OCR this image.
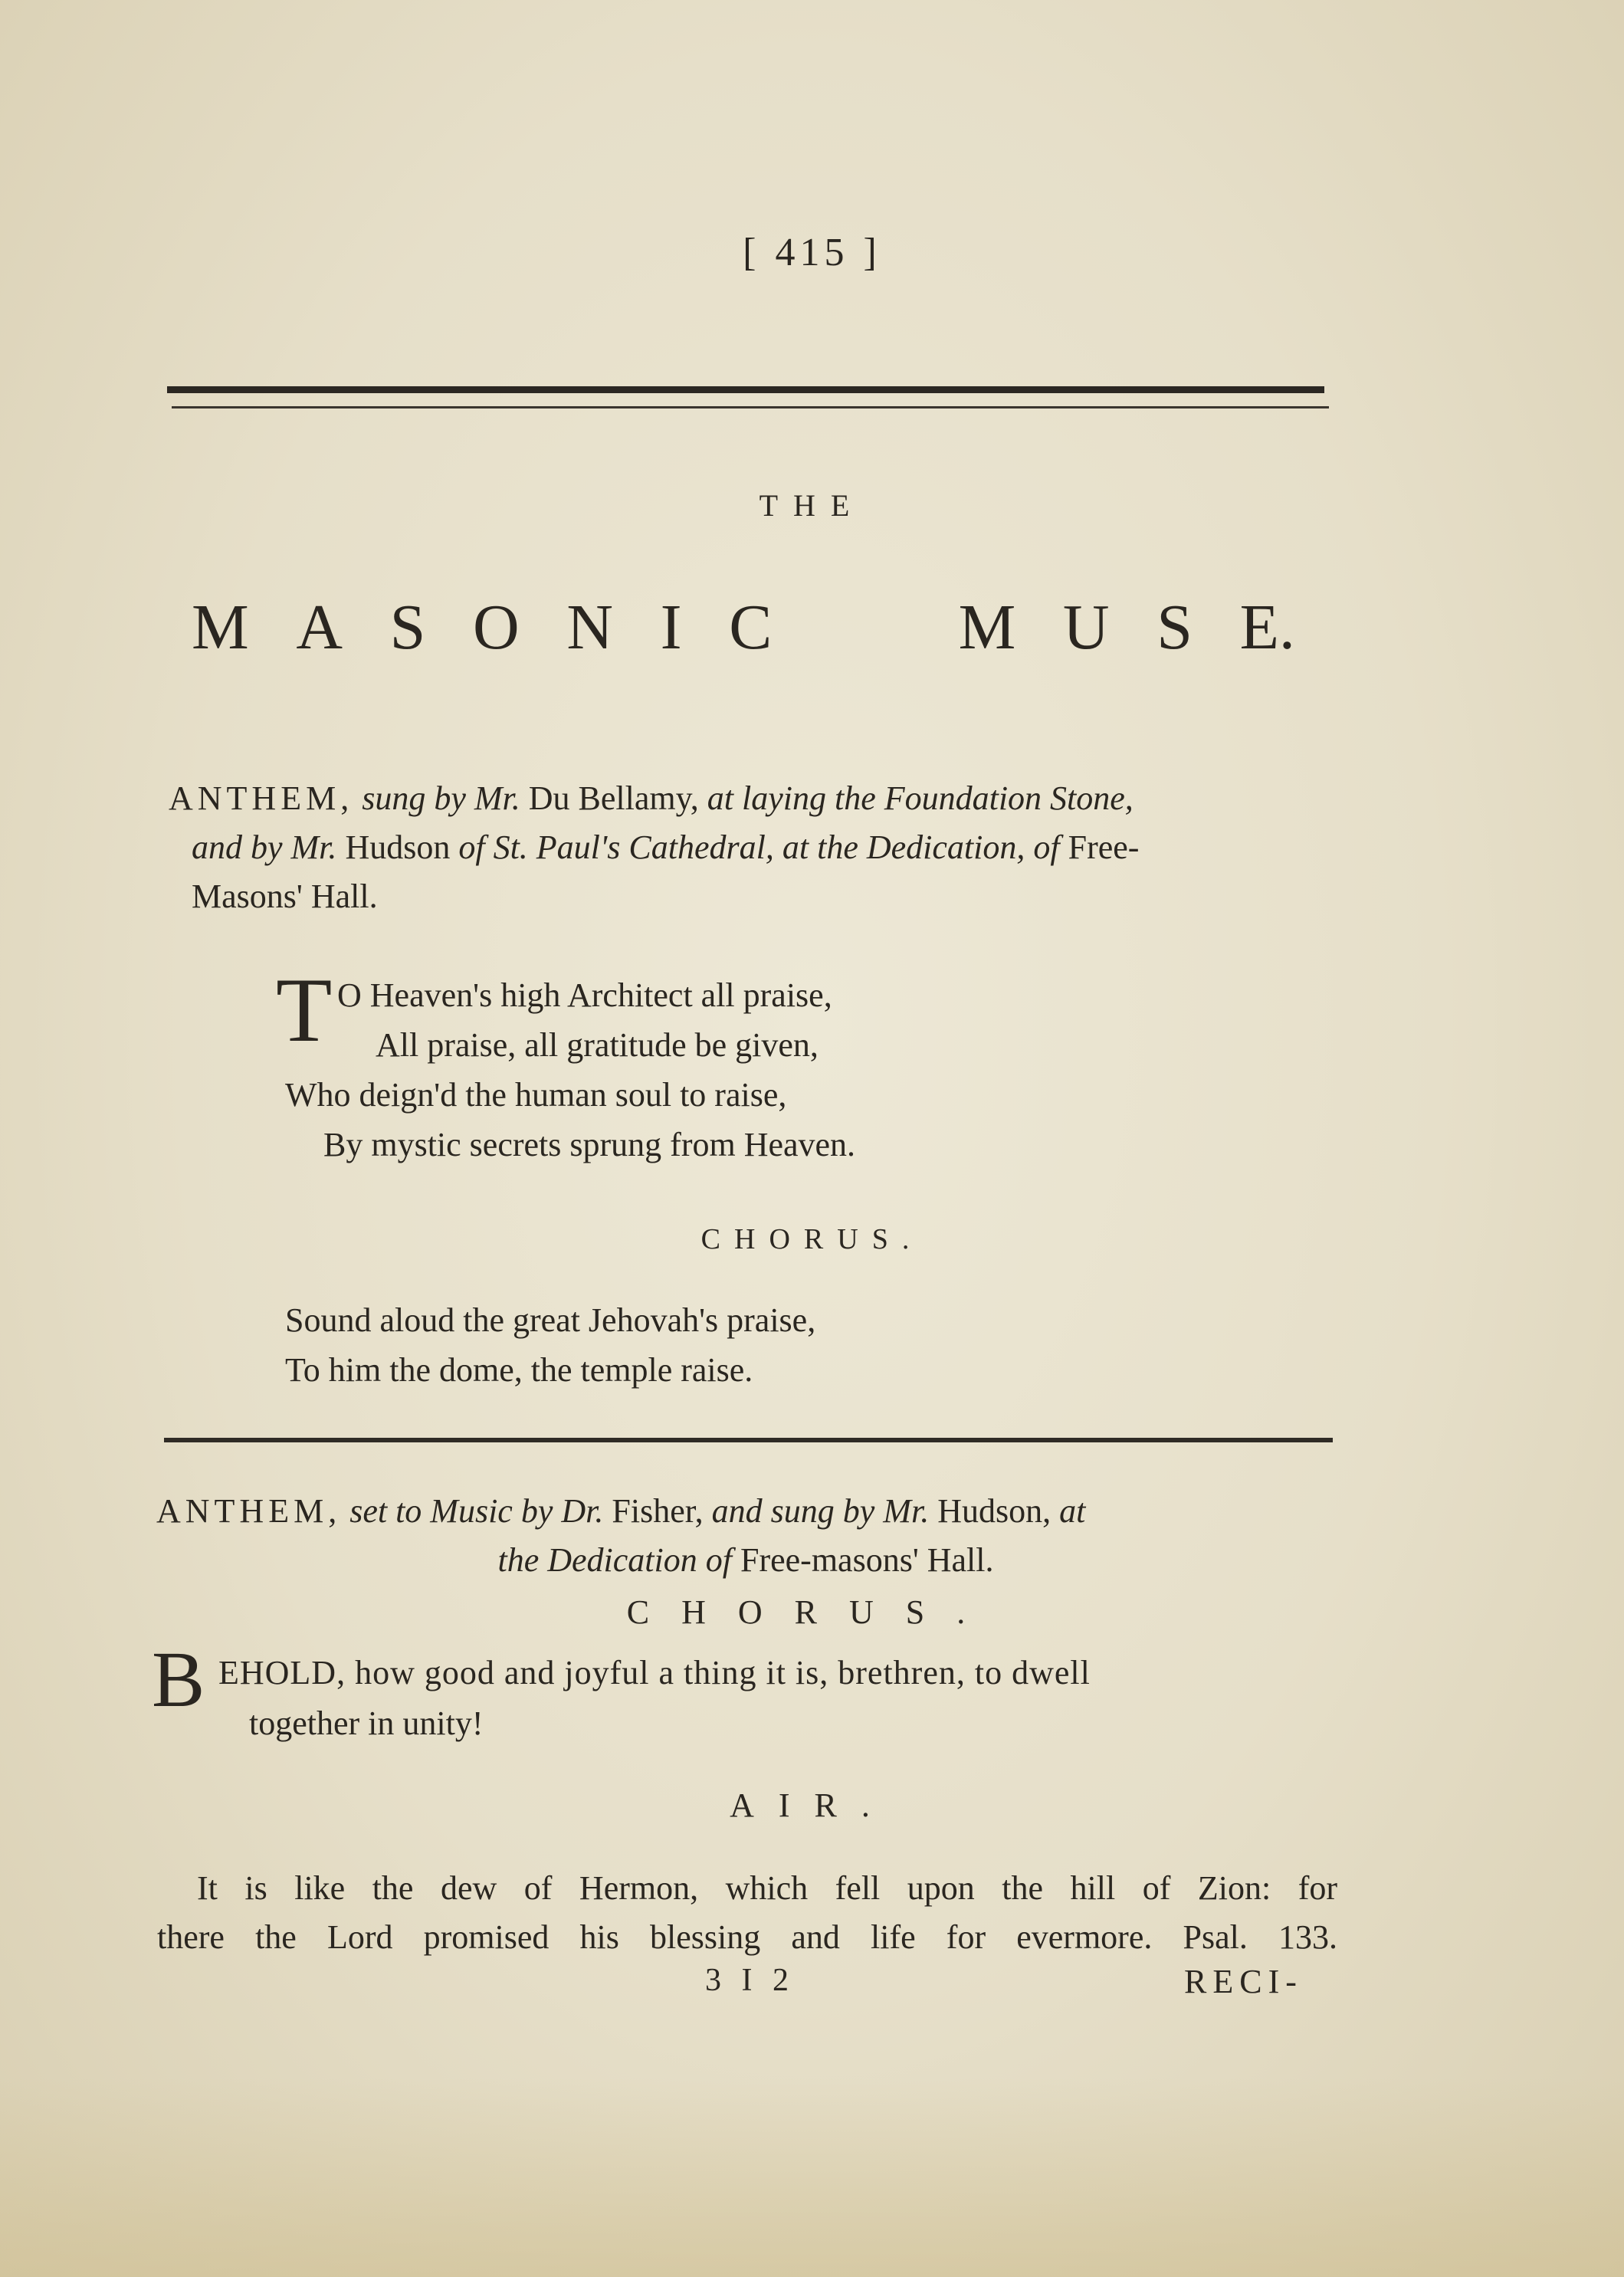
[ 415 ]
THE
M A S O N I C	M U S E.
ANTHEM, sung by Mr. Du Bellamy, at laying the Foundation Stone,
and by Mr. Hudson of St. Paul's Cathedral, at the Dedication, of Free-
Masons' Hall.
T O Heaven's high Architect all praise,
All praise, all gratitude be given,
Who deign'd the human soul to raise,
By mystic secrets sprung from Heaven.
CHORUS.
Sound aloud the great Jehovah's praise,
To him the dome, the temple raise.
ANTHEM, set to Music by Dr. Fisher, and sung by Mr. Hudson, at
the Dedication of Free-masons' Hall.
CHORUS.
B EHOLD, how good and joyful a thing it is, brethren, to dwell
together in unity!
AIR.
It is like the dew of Hermon, which fell upon the hill of Zion: for
there the Lord promised his blessing and life for evermore. Psal. 133.
3 I 2	RECI-
